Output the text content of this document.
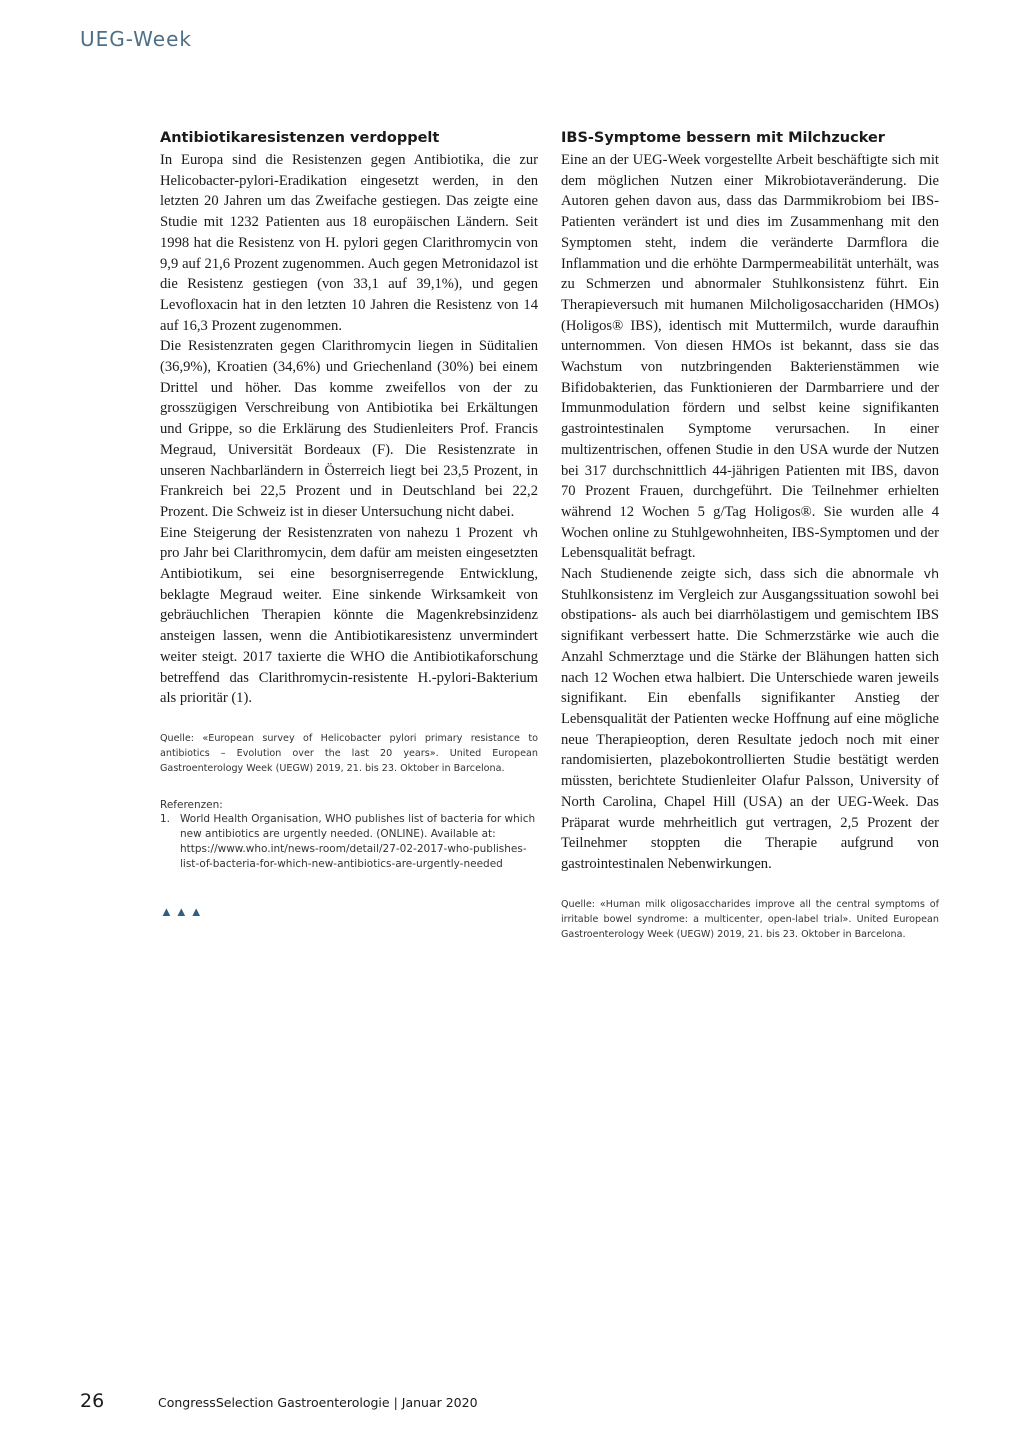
UEG-Week
Antibiotikaresistenzen verdoppelt

In Europa sind die Resistenzen gegen Antibiotika, die zur Helicobacter-pylori-Eradikation eingesetzt werden, in den letzten 20 Jahren um das Zweifache gestiegen. Das zeigte eine Studie mit 1232 Patienten aus 18 europäischen Ländern. Seit 1998 hat die Resistenz von H. pylori gegen Clarithromycin von 9,9 auf 21,6 Prozent zugenommen. Auch gegen Metronidazol ist die Resistenz gestiegen (von 33,1 auf 39,1%), und gegen Levofloxacin hat in den letzten 10 Jahren die Resistenz von 14 auf 16,3 Prozent zugenommen.

Die Resistenzraten gegen Clarithromycin liegen in Süditalien (36,9%), Kroatien (34,6%) und Griechenland (30%) bei einem Drittel und höher. Das komme zweifellos von der zu grosszügigen Verschreibung von Antibiotika bei Erkältungen und Grippe, so die Erklärung des Studienleiters Prof. Francis Megraud, Universität Bordeaux (F). Die Resistenzrate in unseren Nachbarländern in Österreich liegt bei 23,5 Prozent, in Frankreich bei 22,5 Prozent und in Deutschland bei 22,2 Prozent. Die Schweiz ist in dieser Untersuchung nicht dabei.

vh
Eine Steigerung der Resistenzraten von nahezu 1 Prozent pro Jahr bei Clarithromycin, dem dafür am meisten eingesetzten Antibiotikum, sei eine besorgniserregende Entwicklung, beklagte Megraud weiter. Eine sinkende Wirksamkeit von gebräuchlichen Therapien könnte die Magenkrebsinzidenz ansteigen lassen, wenn die Antibiotikaresistenz unvermindert weiter steigt. 2017 taxierte die WHO die Antibiotikaforschung betreffend das Clarithromycin-resistente H.-pylori-Bakterium als prioritär (1).

Quelle: «European survey of Helicobacter pylori primary resistance to antibiotics – Evolution over the last 20 years». United European Gastroenterology Week (UEGW) 2019, 21. bis 23. Oktober in Barcelona.

Referenzen:

1. World Health Organisation, WHO publishes list of bacteria for which new antibiotics are urgently needed. (ONLINE). Available at: https://www.who.int/news-room/detail/27-02-2017-who-publishes-list-of-bacteria-for-which-new-antibiotics-are-urgently-needed
▲▲▲
IBS-Symptome bessern mit Milchzucker

Eine an der UEG-Week vorgestellte Arbeit beschäftigte sich mit dem möglichen Nutzen einer Mikrobiotaveränderung. Die Autoren gehen davon aus, dass das Darmmikrobiom bei IBS-Patienten verändert ist und dies im Zusammenhang mit den Symptomen steht, indem die veränderte Darmflora die Inflammation und die erhöhte Darmpermeabilität unterhält, was zu Schmerzen und abnormaler Stuhlkonsistenz führt. Ein Therapieversuch mit humanen Milcholigosacchariden (HMOs) (Holigos® IBS), identisch mit Muttermilch, wurde daraufhin unternommen. Von diesen HMOs ist bekannt, dass sie das Wachstum von nutzbringenden Bakterienstämmen wie Bifidobakterien, das Funktionieren der Darmbarriere und der Immunmodulation fördern und selbst keine signifikanten gastrointestinalen Symptome verursachen. In einer multizentrischen, offenen Studie in den USA wurde der Nutzen bei 317 durchschnittlich 44-jährigen Patienten mit IBS, davon 70 Prozent Frauen, durchgeführt. Die Teilnehmer erhielten während 12 Wochen 5 g/Tag Holigos®. Sie wurden alle 4 Wochen online zu Stuhlgewohnheiten, IBS-Symptomen und der Lebensqualität befragt.

vh
Nach Studienende zeigte sich, dass sich die abnormale Stuhlkonsistenz im Vergleich zur Ausgangssituation sowohl bei obstipations- als auch bei diarrhölastigem und gemischtem IBS signifikant verbessert hatte. Die Schmerzstärke wie auch die Anzahl Schmerztage und die Stärke der Blähungen hatten sich nach 12 Wochen etwa halbiert. Die Unterschiede waren jeweils signifikant. Ein ebenfalls signifikanter Anstieg der Lebensqualität der Patienten wecke Hoffnung auf eine mögliche neue Therapieoption, deren Resultate jedoch noch mit einer randomisierten, plazebokontrollierten Studie bestätigt werden müssten, berichtete Studienleiter Olafur Palsson, University of North Carolina, Chapel Hill (USA) an der UEG-Week. Das Präparat wurde mehrheitlich gut vertragen, 2,5 Prozent der Teilnehmer stoppten die Therapie aufgrund von gastrointestinalen Nebenwirkungen.

Quelle: «Human milk oligosaccharides improve all the central symptoms of irritable bowel syndrome: a multicenter, open-label trial». United European Gastroenterology Week (UEGW) 2019, 21. bis 23. Oktober in Barcelona.

26	CongressSelection Gastroenterologie | Januar 2020
